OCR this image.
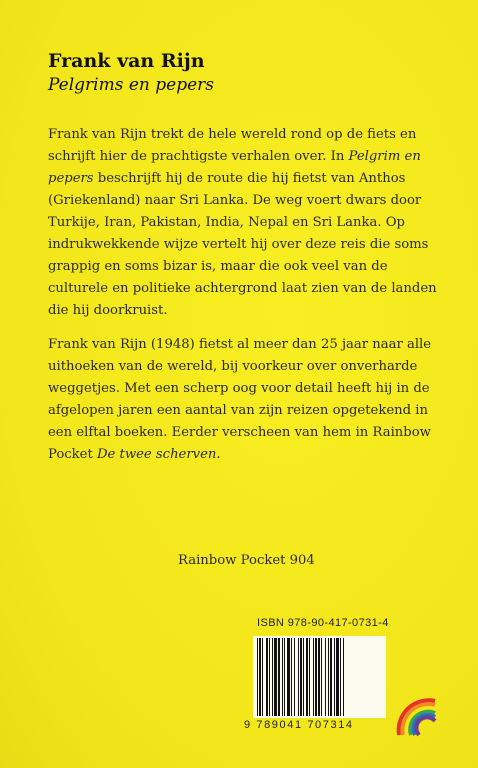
Frank van Rijn
Pelgrims en pepers
Frank van Rijn trekt de hele wereld rond op de fiets en schrijft hier de prachtigste verhalen over. In Pelgrim en pepers beschrijft hij de route die hij fietst van Anthos (Griekenland) naar Sri Lanka. De weg voert dwars door Turkije, Iran, Pakistan, India, Nepal en Sri Lanka. Op indrukwekkende wijze vertelt hij over deze reis die soms grappig en soms bizar is, maar die ook veel van de culturele en politieke achtergrond laat zien van de landen die hij doorkruist.
Frank van Rijn (1948) fietst al meer dan 25 jaar naar alle uithoeken van de wereld, bij voorkeur over onverharde weggetjes. Met een scherp oog voor detail heeft hij in de afgelopen jaren een aantal van zijn reizen opgetekend in een elftal boeken. Eerder verscheen van hem in Rainbow Pocket De twee scherven.
Rainbow Pocket 904
ISBN 978-90-417-0731-4
9 789041 707314
